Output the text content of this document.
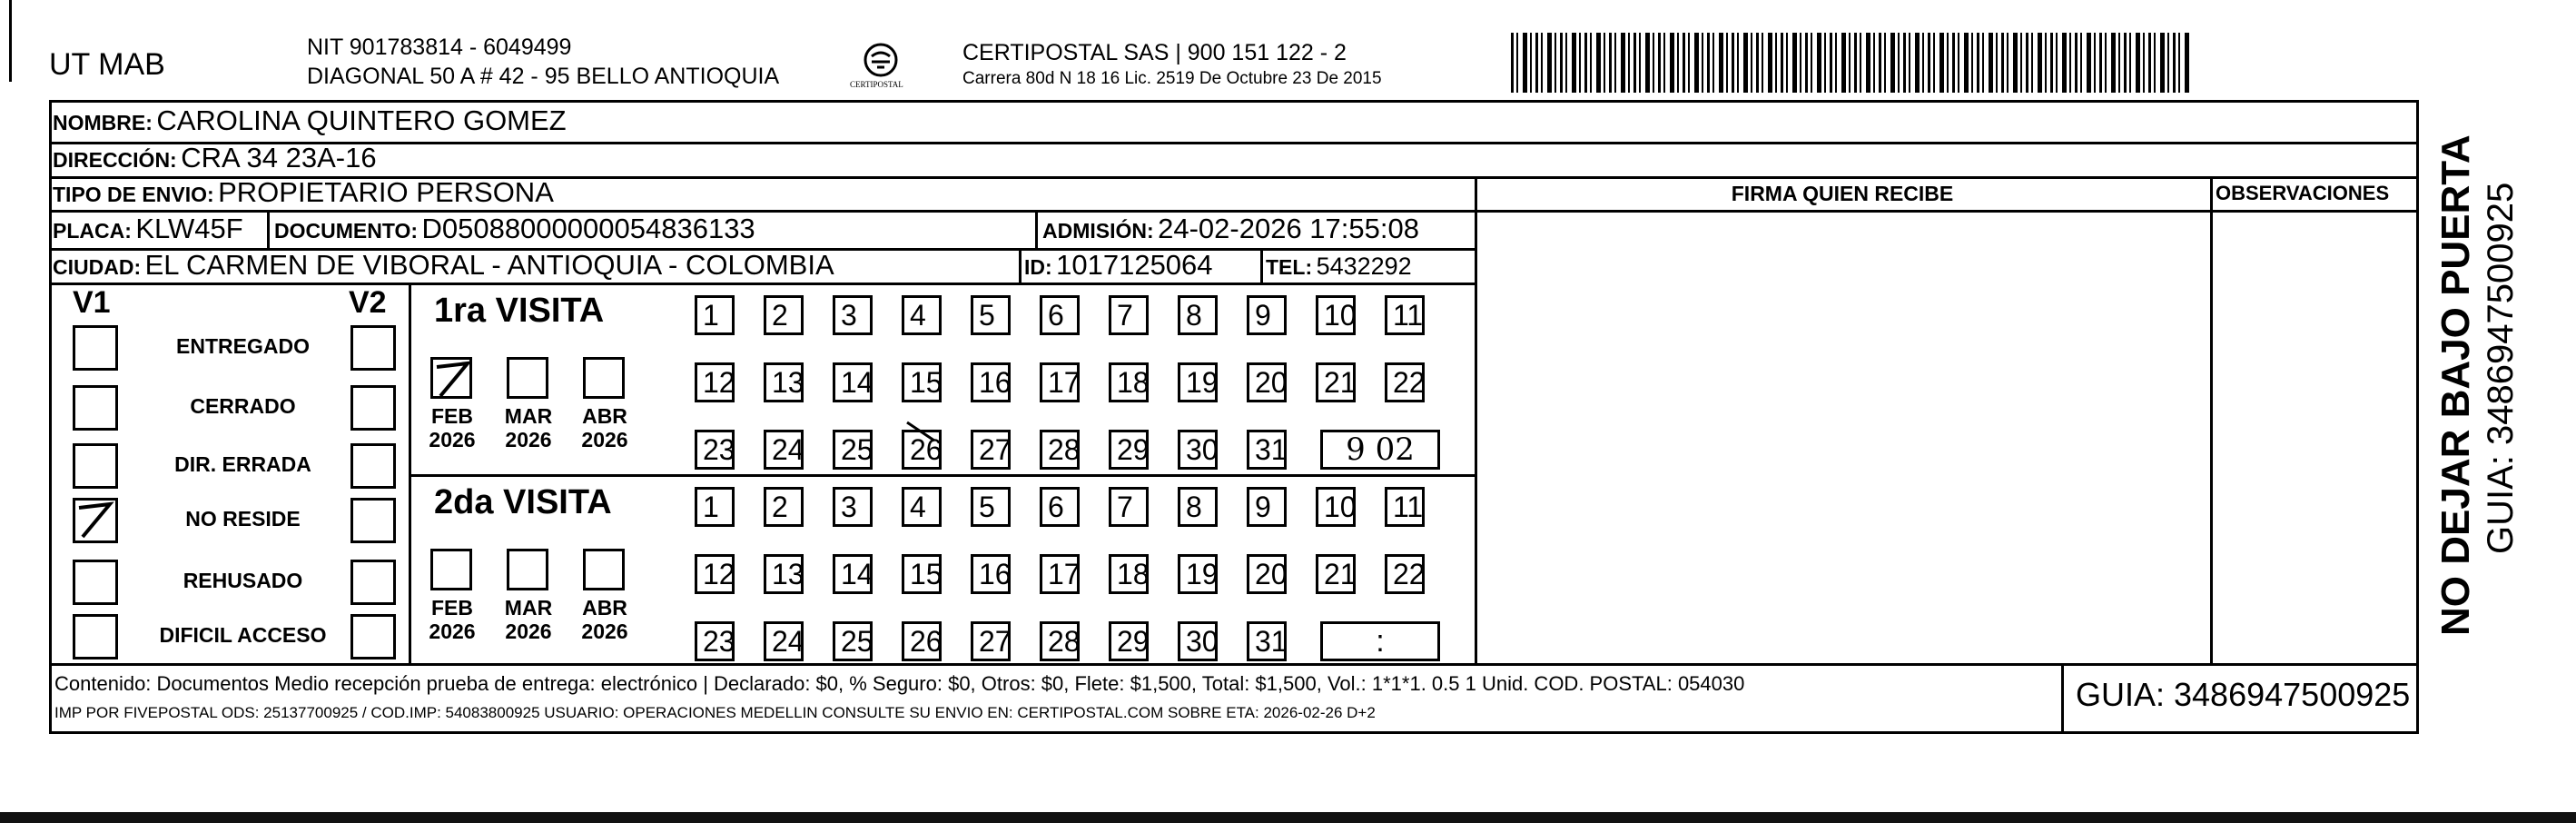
UT MAB	NIT 901783814 - 6049499
DIAGONAL 50 A # 42 - 95 BELLO ANTIOQUIA	CERTIPOSTAL
CERTIPOSTAL SAS | 900 151 122 - 2
Carrera 80d N 18 16 Lic. 2519 De Octubre 23 De 2015
NOMBRE: CAROLINA QUINTERO GOMEZ
DIRECCIÓN: CRA 34 23A-16
TIPO DE ENVIO: PROPIETARIO PERSONA
PLACA: KLW45F DOCUMENTO: D05088000000054836133	ADMISIÓN: 24-02-2026 17:55:08
CIUDAD: EL CARMEN DE VIBORAL - ANTIOQUIA - COLOMBIA	ID: 1017125064	TEL: 5432292
FIRMA QUIEN RECIBE	OBSERVACIONES
V1	V2
ENTREGADO
CERRADO
DIR. ERRADA
NO RESIDE
REHUSADO
DIFICIL ACCESO
1ra VISITA
FEB
2026
MAR
2026
ABR
2026
1	2	3	4	5	6	7	8	9	10 11
12 13 14 15 16 17 18 19 20 21 22
23 24 25 26 27 28 29 30 31	9 02
2da VISITA
FEB
2026
MAR
2026
ABR
2026
1	2	3	4	5	6	7	8	9	10 11
12 13 14 15 16 17 18 19 20 21 22
23 24 25 26 27 28 29 30 31	:
Contenido: Documentos Medio recepción prueba de entrega: electrónico | Declarado: $0, % Seguro: $0, Otros: $0, Flete: $1,500, Total: $1,500, Vol.: 1*1*1. 0.5 1 Unid. COD. POSTAL: 054030
IMP POR FIVEPOSTAL ODS: 25137700925 / COD.IMP: 54083800925 USUARIO: OPERACIONES MEDELLIN CONSULTE SU ENVIO EN: CERTIPOSTAL.COM SOBRE ETA: 2026-02-26 D+2	GUIA: 3486947500925
NO DEJAR BAJO PUERTA GUIA: 3486947500925
